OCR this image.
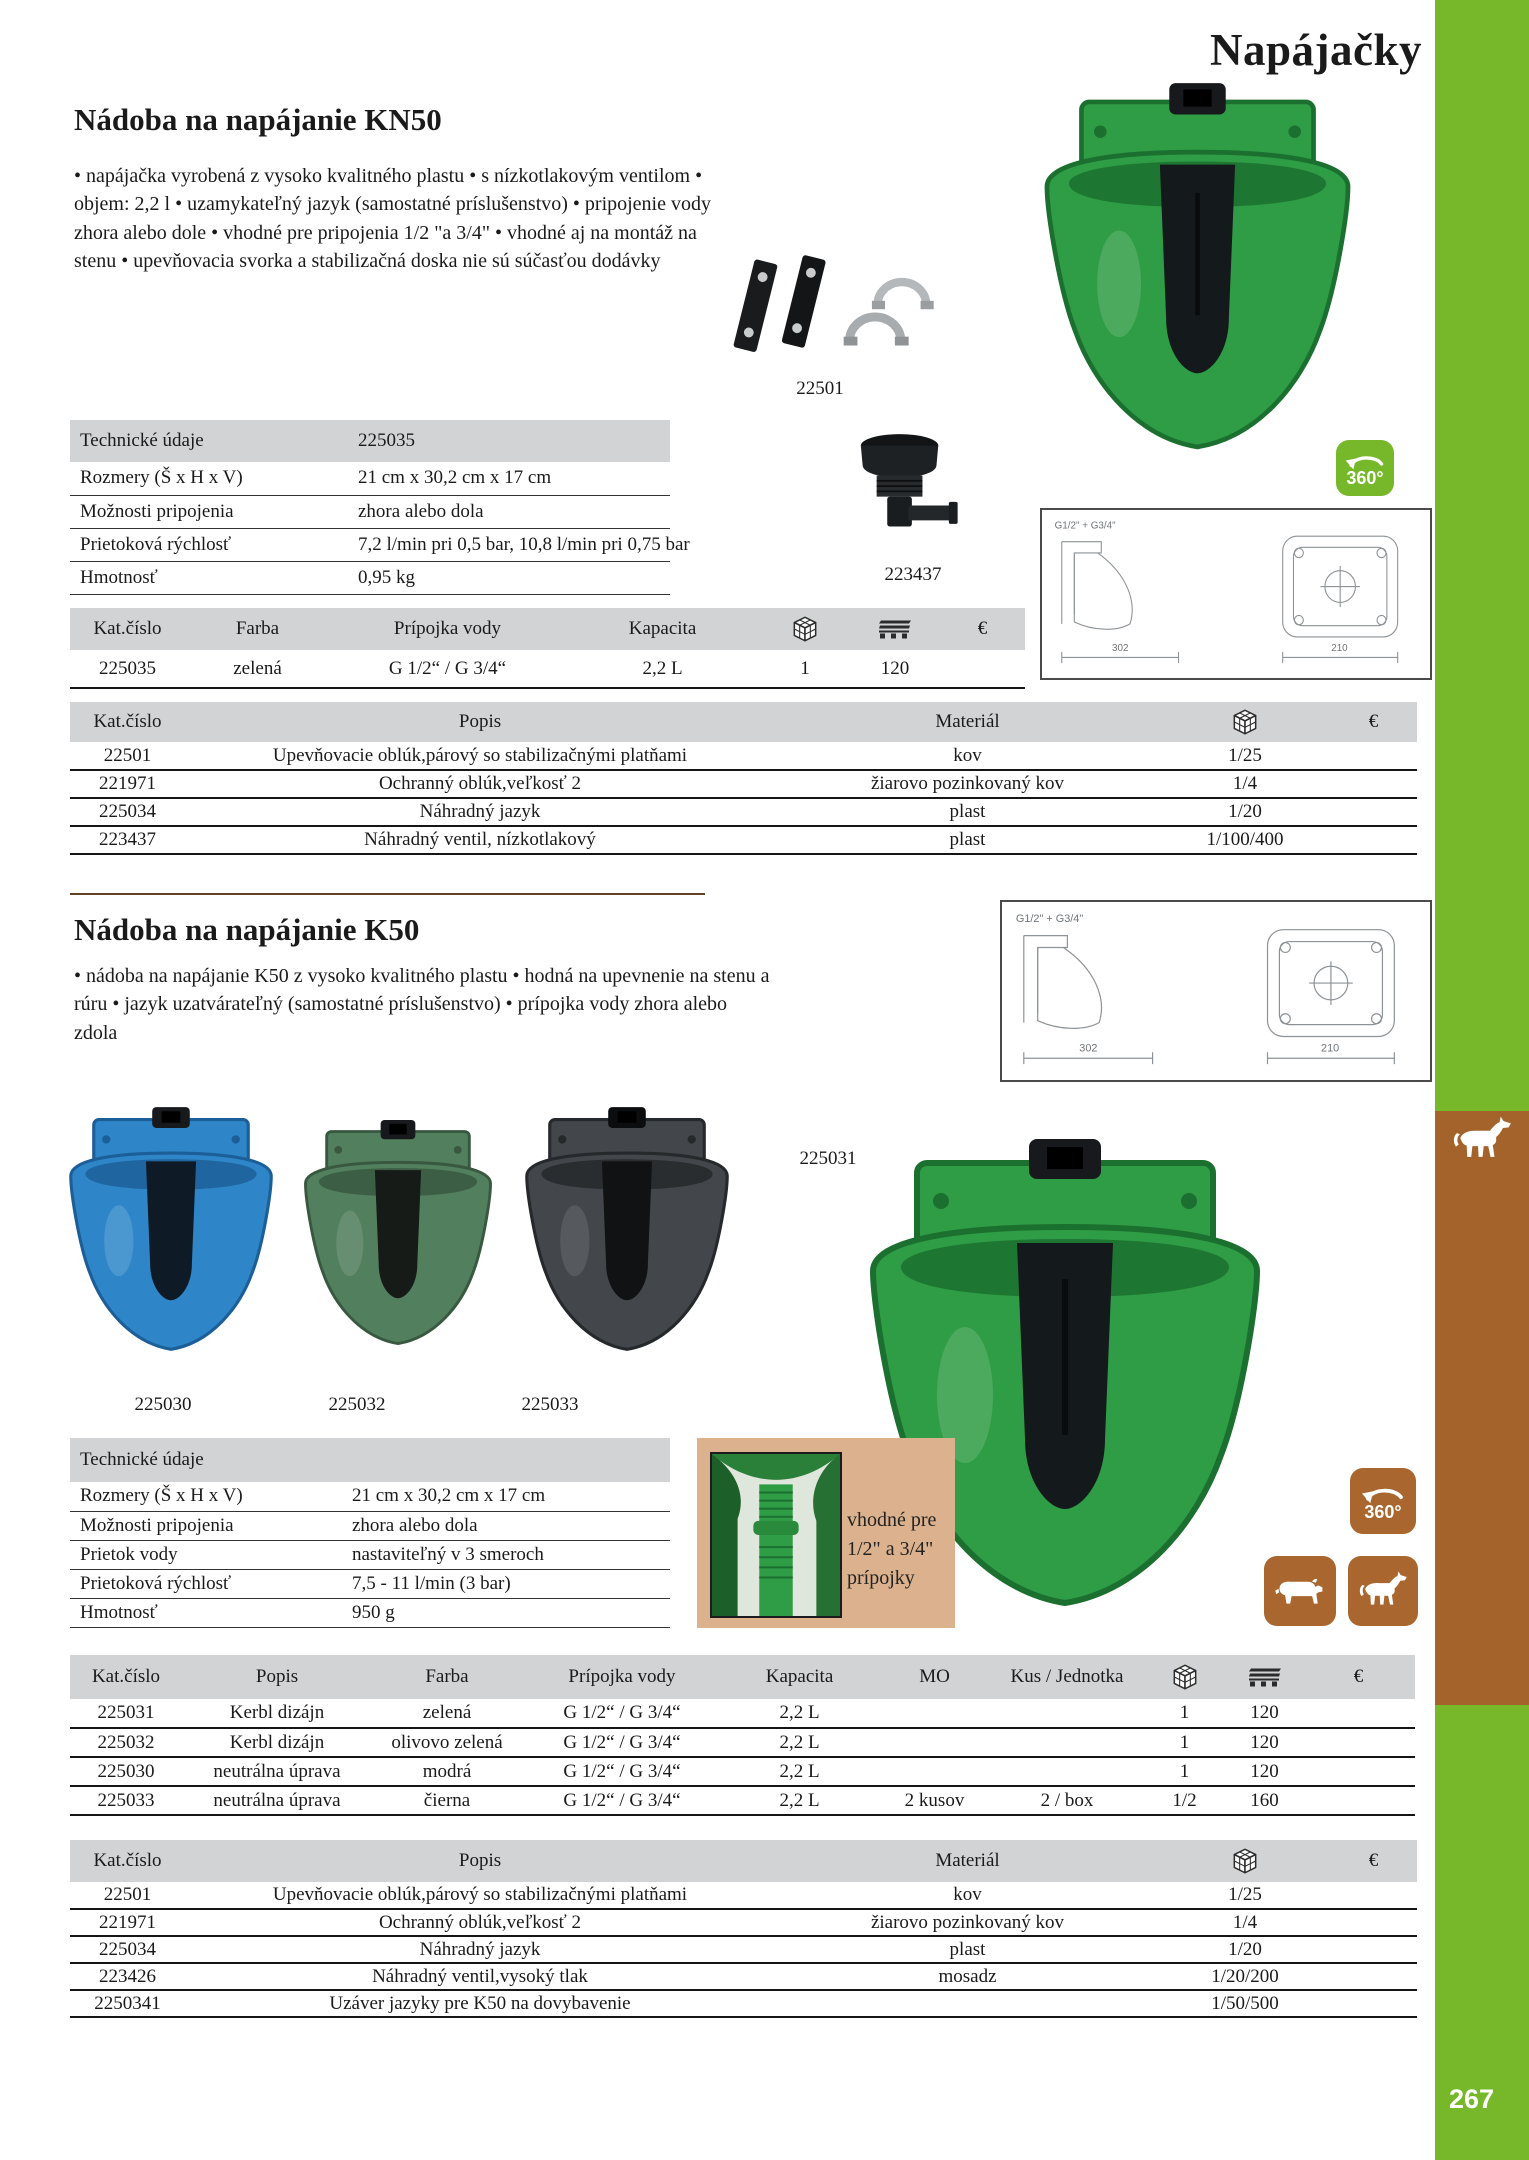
267
Napájačky
Nádoba na napájanie KN50
• napájačka vyrobená z vysoko kvalitného plastu • s nízkotlakovým ventilom • objem: 2,2 l • uzamykateľný jazyk (samostatné príslušenstvo) • pripojenie vody zhora alebo dole • vhodné pre pripojenia 1/2 "a 3/4" • vhodné aj na montáž na stenu • upevňovacia svorka a stabilizačná doska nie sú súčasťou dodávky
22501
360°
223437
G1/2" + G3/4"
302	210
Technické údaje	225035
Rozmery (Š x H x V)	21 cm x 30,2 cm x 17 cm
Možnosti pripojenia	zhora alebo dola
Prietoková rýchlosť	7,2 l/min pri 0,5 bar, 10,8 l/min pri 0,75 bar
Hmotnosť	0,95 kg
Kat.číslo	Farba	Prípojka vody	Kapacita			€
225035	zelená	G 1/2“ / G 3/4“	2,2 L	1	120	
Kat.číslo	Popis	Materiál		€
22501	Upevňovacie oblúk,párový so stabilizačnými platňami	kov	1/25	
221971	Ochranný oblúk,veľkosť 2	žiarovo pozinkovaný kov	1/4	
225034	Náhradný jazyk	plast	1/20	
223437	Náhradný ventil, nízkotlakový	plast	1/100/400	
Nádoba na napájanie K50
• nádoba na napájanie K50 z vysoko kvalitného plastu • hodná na upevnenie na stenu a rúru • jazyk uzatvárateľný (samostatné príslušenstvo) • prípojka vody zhora alebo zdola
G1/2" + G3/4"
302	210
225030	225032	225033
225031
Technické údaje	
Rozmery (Š x H x V)	21 cm x 30,2 cm x 17 cm
Možnosti pripojenia	zhora alebo dola
Prietok vody	nastaviteľný v 3 smeroch
Prietoková rýchlosť	7,5 - 11 l/min (3 bar)
Hmotnosť	950 g
vhodné pre
1/2" a 3/4"
prípojky
360°
Kat.číslo	Popis	Farba	Prípojka vody	Kapacita	MO	Kus / Jednotka			€
225031	Kerbl dizájn	zelená	G 1/2“ / G 3/4“	2,2 L			1	120	
225032	Kerbl dizájn	olivovo zelená	G 1/2“ / G 3/4“	2,2 L			1	120	
225030	neutrálna úprava	modrá	G 1/2“ / G 3/4“	2,2 L			1	120	
225033	neutrálna úprava	čierna	G 1/2“ / G 3/4“	2,2 L	2 kusov	2 / box	1/2	160	
Kat.číslo	Popis	Materiál		€
22501	Upevňovacie oblúk,párový so stabilizačnými platňami	kov	1/25	
221971	Ochranný oblúk,veľkosť 2	žiarovo pozinkovaný kov	1/4	
225034	Náhradný jazyk	plast	1/20	
223426	Náhradný ventil,vysoký tlak	mosadz	1/20/200	
2250341	Uzáver jazyky pre K50 na dovybavenie		1/50/500	
